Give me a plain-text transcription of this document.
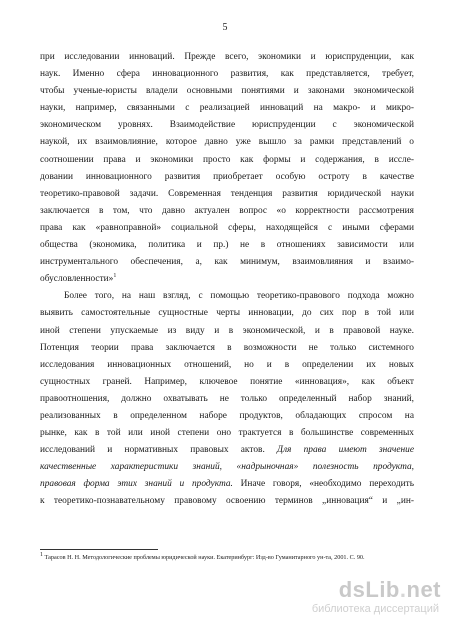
5
при исследовании инноваций. Прежде всего, экономики и юриспруденции, как
наук. Именно сфера инновационного развития, как представляется, требует,
чтобы ученые-юристы владели основными понятиями и законами экономической
науки, например, связанными с реализацией инноваций на макро- и микро-
экономическом уровнях. Взаимодействие юриспруденции с экономической
наукой, их взаимовлияние, которое давно уже вышло за рамки представлений о
соотношении права и экономики просто как формы и содержания, в иссле-
довании инновационного развития приобретает особую остроту в качестве
теоретико-правовой задачи. Современная тенденция развития юридической науки
заключается в том, что давно актуален вопрос «о корректности рассмотрения
права как «равноправной» социальной сферы, находящейся с иными сферами
общества (экономика, политика и пр.) не в отношениях зависимости или
инструментального обеспечения, а, как минимум, взаимовлияния и взаимо-
обусловленности»$^1$
Более того, на наш взгляд, с помощью теоретико-правового подхода можно
выявить самостоятельные сущностные черты инновации, до сих пор в той или
иной степени упускаемые из виду и в экономической, и в правовой науке.
Потенция теории права заключается в возможности не только системного
исследования инновационных отношений, но и в определении их новых
сущностных граней. Например, ключевое понятие «инновация», как объект
правоотношения, должно охватывать не только определенный набор знаний,
реализованных в определенном наборе продуктов, обладающих спросом на
рынке, как в той или иной степени оно трактуется в большинстве современных
исследований и нормативных правовых актов. Для права имеют значение
качественные характеристики знаний, «надрыночная» полезность продукта,
правовая форма этих знаний и продукта. Иначе говоря, «необходимо переходить
к теоретико-познавательному правовому освоению терминов „инновация“ и „ин-
$^1$ Тарасов Н. Н. Методологические проблемы юридической науки. Екатеринбург: Изд-во Гуманитарного ун-та, 2001. С. 90.
dsLib.net
библиотека диссертаций
